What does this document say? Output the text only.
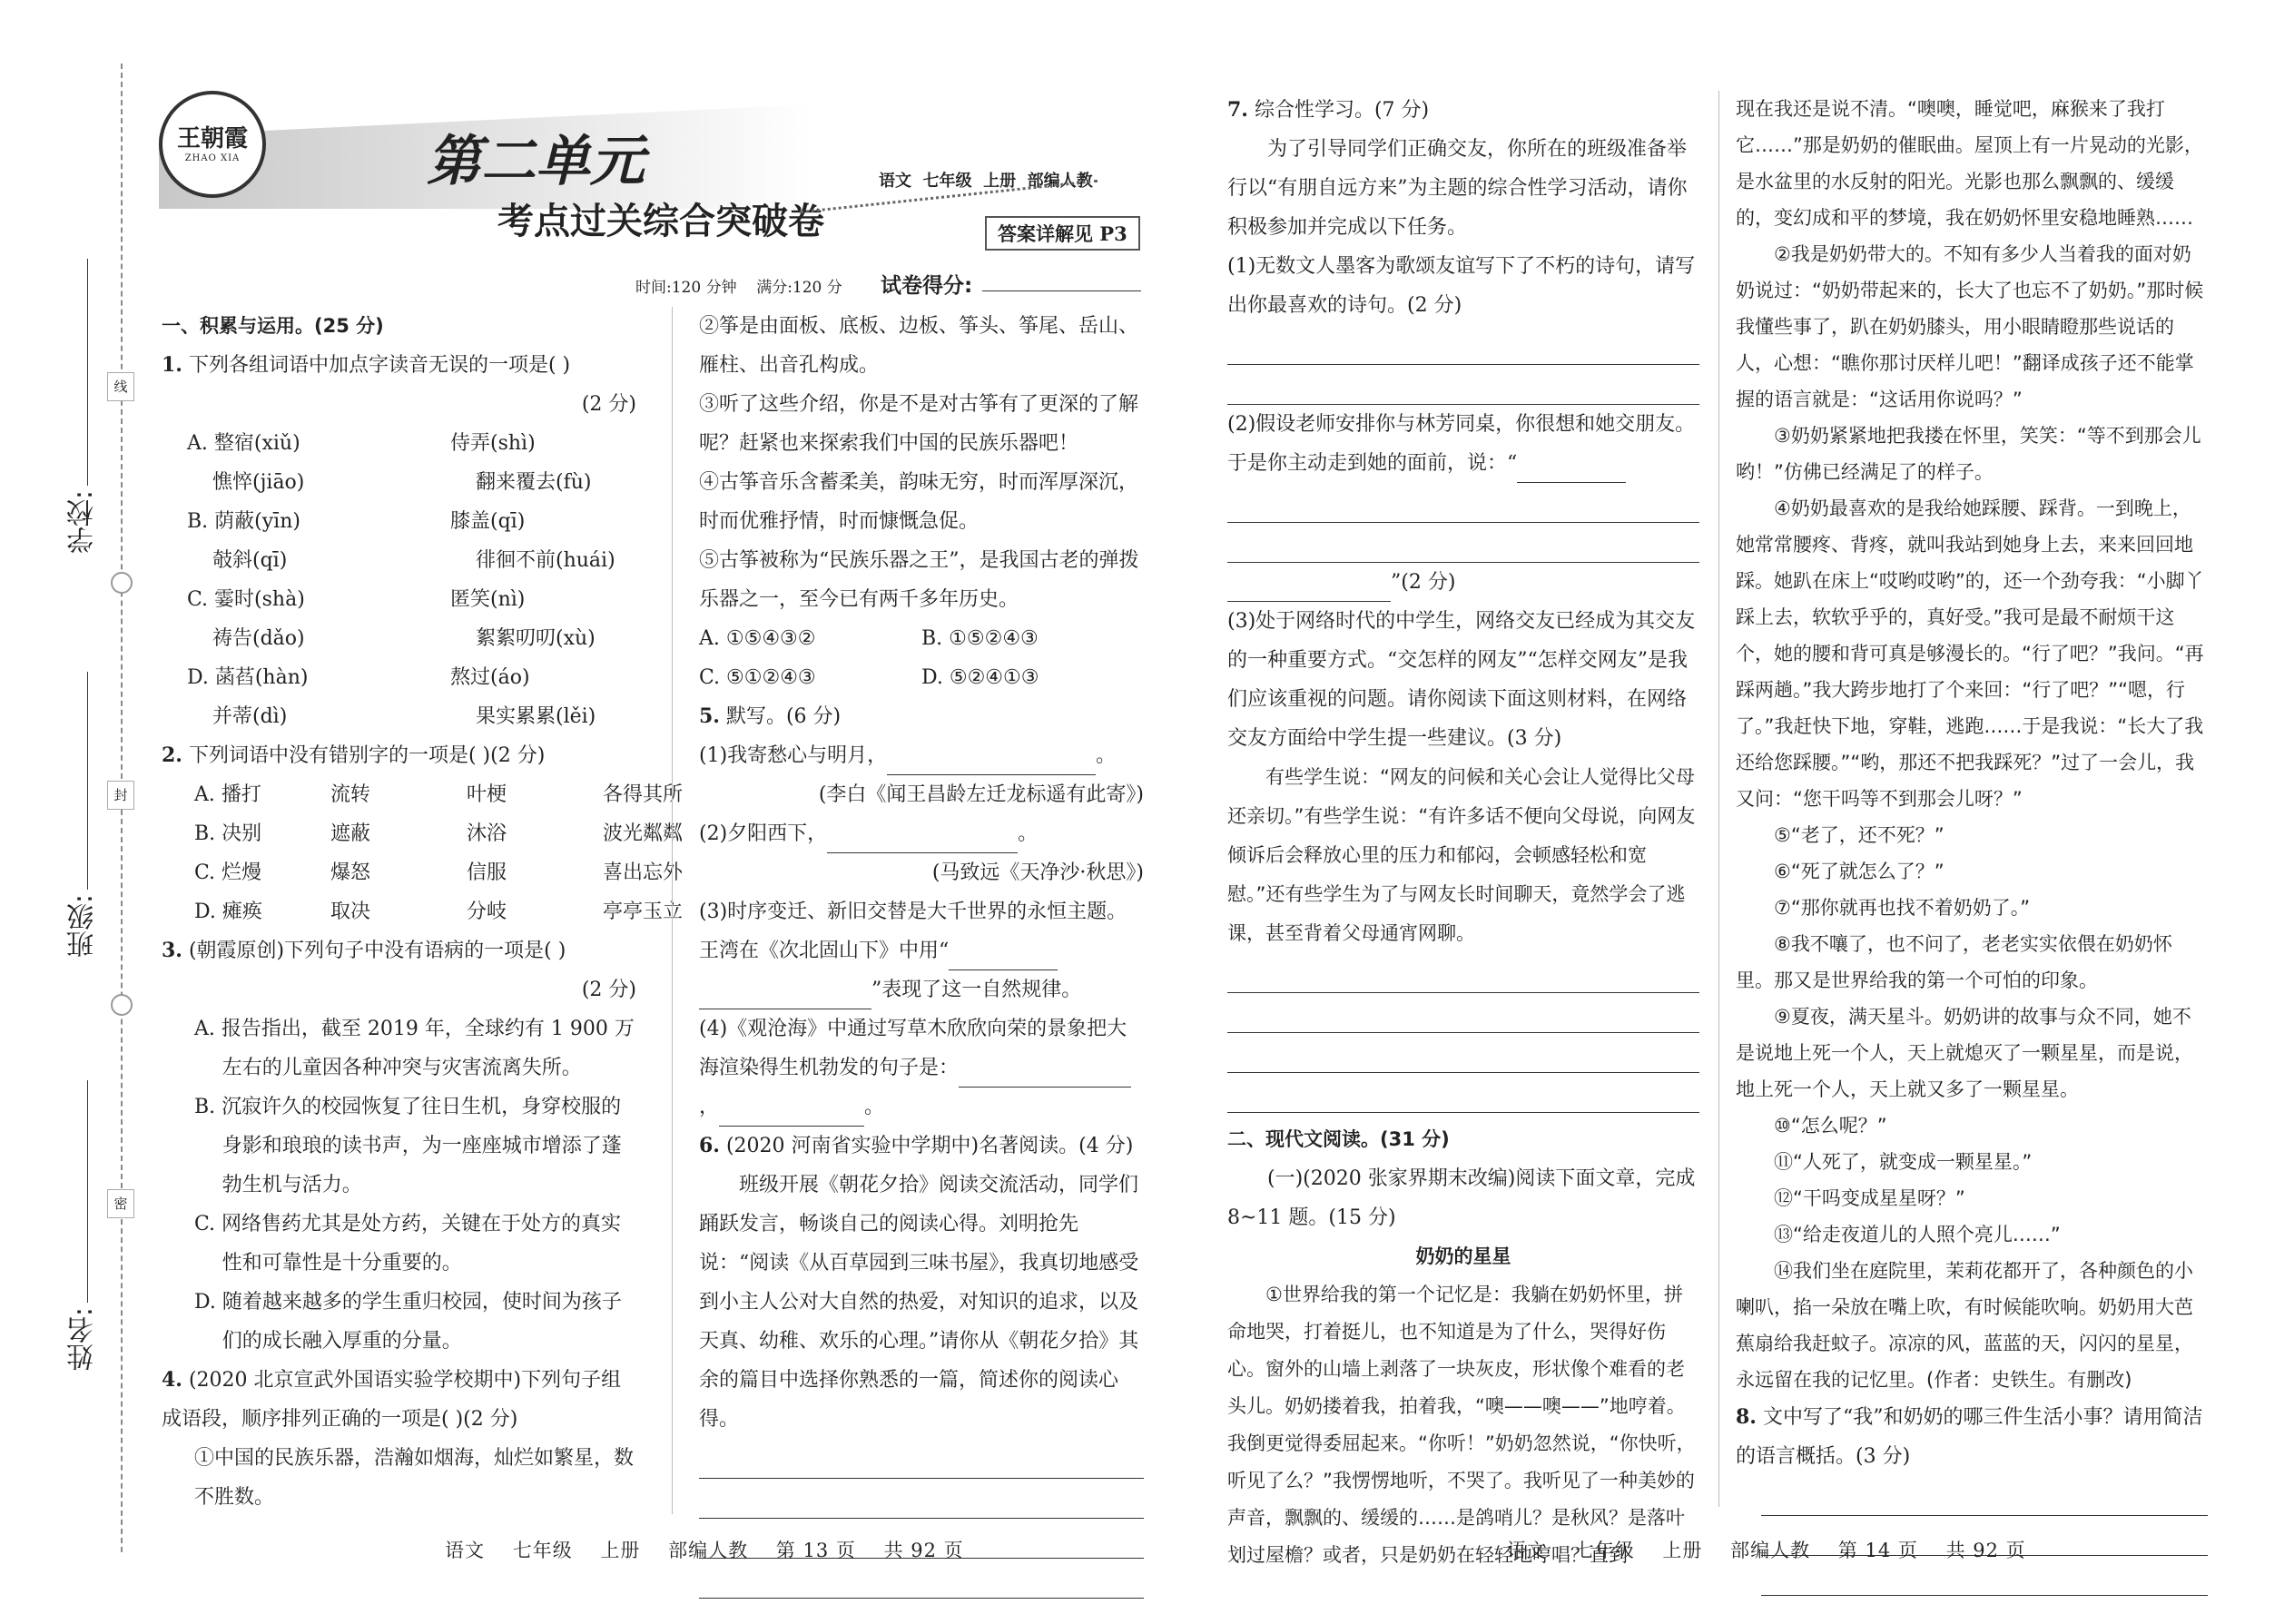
线
封
密
学校:
班级:
姓名:
王朝霞
ZHAO XIA	第二单元
考点过关综合突破卷
语文  七年级  上册  部编人教
答案详解见 P3
时间:120 分钟    满分:120 分 试卷得分:

一、积累与运用。(25 分)

1. 下列各组词语中加点字读音无误的一项是( )

(2 分)

A. 整宿(xiǔ)	侍弄(shì)
憔悴(jiāo)	翻来覆去(fù)
B. 荫蔽(yīn)	膝盖(qī)
攲斜(qī)	徘徊不前(huái)
C. 霎时(shà)	匿笑(nì)
祷告(dǎo)	絮絮叨叨(xù)
D. 菡萏(hàn)	熬过(áo)
并蒂(dì)	果实累累(lěi)

2. 下列词语中没有错别字的一项是( )(2 分)

A. 播打	流转	叶梗	各得其所
B. 决别	遮蔽	沐浴	波光粼粼
C. 烂熳	爆怒	信服	喜出忘外
D. 瘫痪	取决	分岐	亭亭玉立

3. (朝霞原创)下列句子中没有语病的一项是( )

(2 分)

A. 报告指出，截至 2019 年，全球约有 1 900 万左右的儿童因各种冲突与灾害流离失所。

B. 沉寂许久的校园恢复了往日生机，身穿校服的身影和琅琅的读书声，为一座座城市增添了蓬勃生机与活力。

C. 网络售药尤其是处方药，关键在于处方的真实性和可靠性是十分重要的。

D. 随着越来越多的学生重归校园，使时间为孩子们的成长融入厚重的分量。

4. (2020 北京宣武外国语实验学校期中)下列句子组成语段，顺序排列正确的一项是( )(2 分)

①中国的民族乐器，浩瀚如烟海，灿烂如繁星，数不胜数。

②筝是由面板、底板、边板、筝头、筝尾、岳山、雁柱、出音孔构成。

③听了这些介绍，你是不是对古筝有了更深的了解呢？赶紧也来探索我们中国的民族乐器吧！

④古筝音乐含蓄柔美，韵味无穷，时而浑厚深沉，时而优雅抒情，时而慷慨急促。

⑤古筝被称为“民族乐器之王”，是我国古老的弹拨乐器之一，至今已有两千多年历史。

A. ①⑤④③②	B. ①⑤②④③
C. ⑤①②④③	D. ⑤②④①③

5. 默写。(6 分)

(1)我寄愁心与明月，	。

(李白《闻王昌龄左迁龙标遥有此寄》)

(2)夕阳西下，	。

(马致远《天净沙·秋思》)

(3)时序变迁、新旧交替是大千世界的永恒主题。王湾在《次北固山下》中用“”表现了这一自然规律。

(4)《观沧海》中通过写草木欣欣向荣的景象把大海渲染得生机勃发的句子是：，	。

6. (2020 河南省实验中学期中)名著阅读。(4 分)

班级开展《朝花夕拾》阅读交流活动，同学们踊跃发言，畅谈自己的阅读心得。刘明抢先说：“阅读《从百草园到三味书屋》，我真切地感受到小主人公对大自然的热爱，对知识的追求，以及天真、幼稚、欢乐的心理。”请你从《朝花夕拾》其余的篇目中选择你熟悉的一篇，简述你的阅读心得。

语文    七年级    上册    部编人教    第 13 页    共 92 页

7. 综合性学习。(7 分)

为了引导同学们正确交友，你所在的班级准备举行以“有朋自远方来”为主题的综合性学习活动，请你积极参加并完成以下任务。

(1)无数文人墨客为歌颂友谊写下了不朽的诗句，请写出你最喜欢的诗句。(2 分)

(2)假设老师安排你与林芳同桌，你很想和她交朋友。于是你主动走到她的面前，说：“

”(2 分)

(3)处于网络时代的中学生，网络交友已经成为其交友的一种重要方式。“交怎样的网友”“怎样交网友”是我们应该重视的问题。请你阅读下面这则材料，在网络交友方面给中学生提一些建议。(3 分)

有些学生说：“网友的问候和关心会让人觉得比父母还亲切。”有些学生说：“有许多话不便向父母说，向网友倾诉后会释放心里的压力和郁闷，会顿感轻松和宽慰。”还有些学生为了与网友长时间聊天，竟然学会了逃课，甚至背着父母通宵网聊。

二、现代文阅读。(31 分)

(一)(2020 张家界期末改编)阅读下面文章，完成 8~11 题。(15 分)

奶奶的星星

①世界给我的第一个记忆是：我躺在奶奶怀里，拼命地哭，打着挺儿，也不知道是为了什么，哭得好伤心。窗外的山墙上剥落了一块灰皮，形状像个难看的老头儿。奶奶搂着我，拍着我，“噢——噢——”地哼着。我倒更觉得委屈起来。“你听！”奶奶忽然说，“你快听，听见了么？”我愣愣地听，不哭了。我听见了一种美妙的声音，飘飘的、缓缓的……是鸽哨儿？是秋风？是落叶划过屋檐？或者，只是奶奶在轻轻地哼唱？直到

现在我还是说不清。“噢噢，睡觉吧，麻猴来了我打它……”那是奶奶的催眠曲。屋顶上有一片晃动的光影，是水盆里的水反射的阳光。光影也那么飘飘的、缓缓的，变幻成和平的梦境，我在奶奶怀里安稳地睡熟……

②我是奶奶带大的。不知有多少人当着我的面对奶奶说过：“奶奶带起来的，长大了也忘不了奶奶。”那时候我懂些事了，趴在奶奶膝头，用小眼睛瞪那些说话的人，心想：“瞧你那讨厌样儿吧！”翻译成孩子还不能掌握的语言就是：“这话用你说吗？”

③奶奶紧紧地把我搂在怀里，笑笑：“等不到那会儿哟！”仿佛已经满足了的样子。

④奶奶最喜欢的是我给她踩腰、踩背。一到晚上，她常常腰疼、背疼，就叫我站到她身上去，来来回回地踩。她趴在床上“哎哟哎哟”的，还一个劲夸我：“小脚丫踩上去，软软乎乎的，真好受。”我可是最不耐烦干这个，她的腰和背可真是够漫长的。“行了吧？”我问。“再踩两趟。”我大跨步地打了个来回：“行了吧？”“嗯，行了。”我赶快下地，穿鞋，逃跑……于是我说：“长大了我还给您踩腰。”“哟，那还不把我踩死？”过了一会儿，我又问：“您干吗等不到那会儿呀？”

⑤“老了，还不死？”

⑥“死了就怎么了？”

⑦“那你就再也找不着奶奶了。”

⑧我不嚷了，也不问了，老老实实依偎在奶奶怀里。那又是世界给我的第一个可怕的印象。

⑨夏夜，满天星斗。奶奶讲的故事与众不同，她不是说地上死一个人，天上就熄灭了一颗星星，而是说，地上死一个人，天上就又多了一颗星星。

⑩“怎么呢？”

⑪“人死了，就变成一颗星星。”

⑫“干吗变成星星呀？”

⑬“给走夜道儿的人照个亮儿……”

⑭我们坐在庭院里，茉莉花都开了，各种颜色的小喇叭，掐一朵放在嘴上吹，有时候能吹响。奶奶用大芭蕉扇给我赶蚊子。凉凉的风，蓝蓝的天，闪闪的星星，永远留在我的记忆里。(作者：史铁生。有删改)

8. 文中写了“我”和奶奶的哪三件生活小事？请用简洁的语言概括。(3 分)

语文    七年级    上册    部编人教    第 14 页    共 92 页
